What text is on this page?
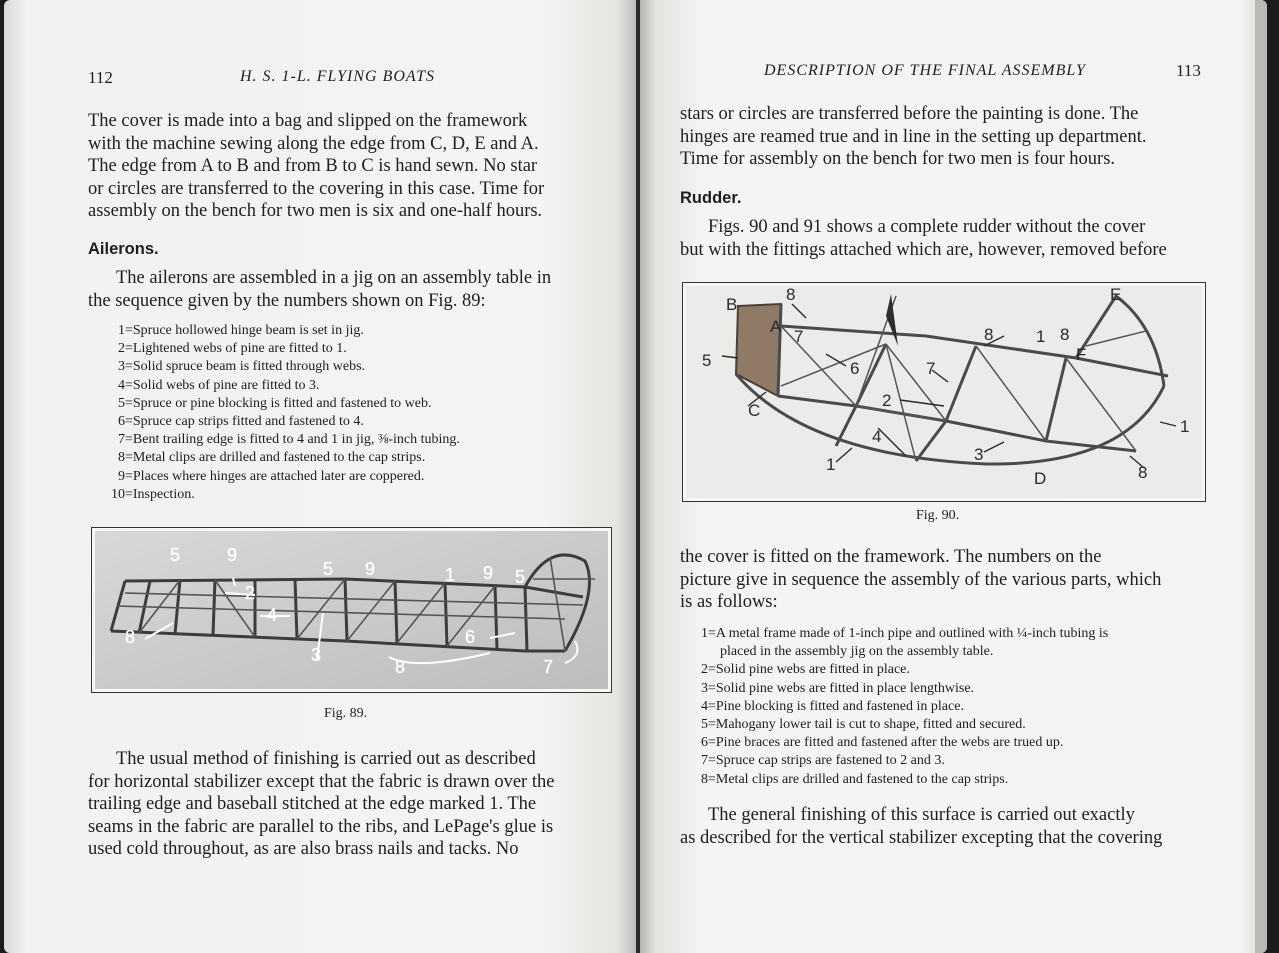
112	H. S. 1-L. FLYING BOATS

The cover is made into a bag and slipped on the framework

with the machine sewing along the edge from C, D, E and A.

The edge from A to B and from B to C is hand sewn. No star

or circles are transferred to the covering in this case. Time for

assembly on the bench for two men is six and one-half hours.

Ailerons.

The ailerons are assembled in a jig on an assembly table in

the sequence given by the numbers shown on Fig. 89:

1=Spruce hollowed hinge beam is set in jig.
2=Lightened webs of pine are fitted to 1.
3=Solid spruce beam is fitted through webs.
4=Solid webs of pine are fitted to 3.
5=Spruce or pine blocking is fitted and fastened to web.
6=Spruce cap strips fitted and fastened to 4.
7=Bent trailing edge is fitted to 4 and 1 in jig, ⅜-inch tubing.
8=Metal clips are drilled and fastened to the cap strips.
9=Places where hinges are attached later are coppered.
10=Inspection.
5	9
5 9	1 9 5
2
4
3
6
8
8	7
Fig. 89.

The usual method of finishing is carried out as described

for horizontal stabilizer except that the fabric is drawn over the

trailing edge and baseball stitched at the edge marked 1. The

seams in the fabric are parallel to the ribs, and LePage's glue is

used cold throughout, as are also brass nails and tacks. No

DESCRIPTION OF THE FINAL ASSEMBLY	113

stars or circles are transferred before the painting is done. The

hinges are reamed true and in line in the setting up department.

Time for assembly on the bench for two men is four hours.

Rudder.

Figs. 90 and 91 shows a complete rudder without the cover

but with the fittings attached which are, however, removed before

B
8
A
7
5
C
6	7
8	1 8
F
E
2
4
3
1
D	8
1
Fig. 90.

the cover is fitted on the framework. The numbers on the

picture give in sequence the assembly of the various parts, which

is as follows:

1=A metal frame made of 1-inch pipe and outlined with ¼-inch tubing is
placed in the assembly jig on the assembly table.
2=Solid pine webs are fitted in place.
3=Solid pine webs are fitted in place lengthwise.
4=Pine blocking is fitted and fastened in place.
5=Mahogany lower tail is cut to shape, fitted and secured.
6=Pine braces are fitted and fastened after the webs are trued up.
7=Spruce cap strips are fastened to 2 and 3.
8=Metal clips are drilled and fastened to the cap strips.

The general finishing of this surface is carried out exactly

as described for the vertical stabilizer excepting that the covering
